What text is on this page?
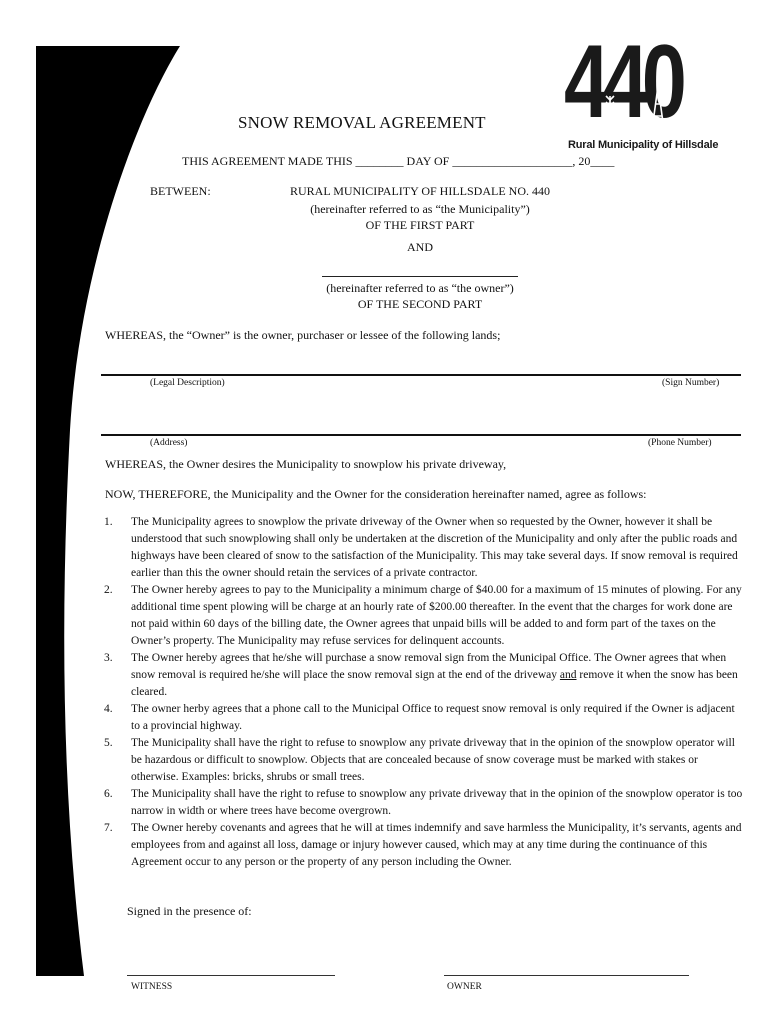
440
Rural Municipality of Hillsdale
SNOW REMOVAL AGREEMENT
THIS AGREEMENT MADE THIS ________ DAY OF ____________________, 20____
BETWEEN:	RURAL MUNICIPALITY OF HILLSDALE NO. 440
(hereinafter referred to as “the Municipality”)
OF THE FIRST PART
AND
(hereinafter referred to as “the owner”)
OF THE SECOND PART
WHEREAS, the “Owner” is the owner, purchaser or lessee of the following lands;
(Legal Description)	(Sign Number)
(Address)	(Phone Number)
WHEREAS, the Owner desires the Municipality to snowplow his private driveway,
NOW, THEREFORE, the Municipality and the Owner for the consideration hereinafter named, agree as follows:
1. The Municipality agrees to snowplow the private driveway of the Owner when so requested by the Owner, however it shall be understood that such snowplowing shall only be undertaken at the discretion of the Municipality and only after the public roads and highways have been cleared of snow to the satisfaction of the Municipality. This may take several days. If snow removal is required earlier than this the owner should retain the services of a private contractor.
2. The Owner hereby agrees to pay to the Municipality a minimum charge of $40.00 for a maximum of 15 minutes of plowing. For any additional time spent plowing will be charge at an hourly rate of $200.00 thereafter. In the event that the charges for work done are not paid within 60 days of the billing date, the Owner agrees that unpaid bills will be added to and form part of the taxes on the Owner’s property. The Municipality may refuse services for delinquent accounts.
3. The Owner hereby agrees that he/she will purchase a snow removal sign from the Municipal Office. The Owner agrees that when snow removal is required he/she will place the snow removal sign at the end of the driveway and remove it when the snow has been cleared.
4. The owner herby agrees that a phone call to the Municipal Office to request snow removal is only required if the Owner is adjacent to a provincial highway.
5. The Municipality shall have the right to refuse to snowplow any private driveway that in the opinion of the snowplow operator will be hazardous or difficult to snowplow. Objects that are concealed because of snow coverage must be marked with stakes or otherwise. Examples: bricks, shrubs or small trees.
6. The Municipality shall have the right to refuse to snowplow any private driveway that in the opinion of the snowplow operator is too narrow in width or where trees have become overgrown.
7. The Owner hereby covenants and agrees that he will at times indemnify and save harmless the Municipality, it’s servants, agents and employees from and against all loss, damage or injury however caused, which may at any time during the continuance of this Agreement occur to any person or the property of any person including the Owner.
Signed in the presence of:
WITNESS	OWNER
